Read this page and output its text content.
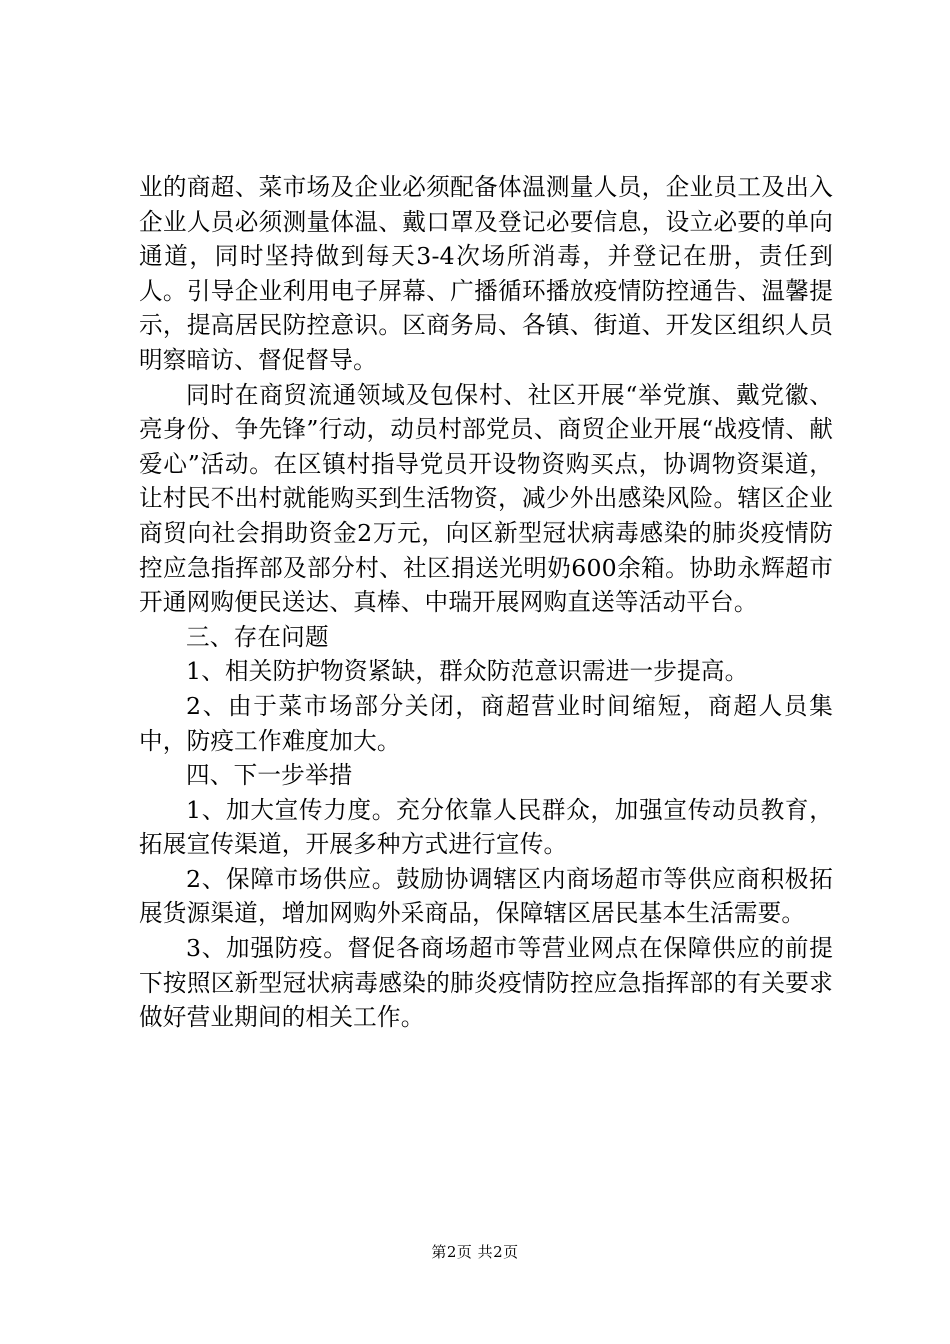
业的商超、菜市场及企业必须配备体温测量人员，企业员工及出入企业人员必须测量体温、戴口罩及登记必要信息，设立必要的单向通道，同时坚持做到每天3-4次场所消毒，并登记在册，责任到人。引导企业利用电子屏幕、广播循环播放疫情防控通告、温馨提示，提高居民防控意识。区商务局、各镇、街道、开发区组织人员明察暗访、督促督导。

同时在商贸流通领域及包保村、社区开展“举党旗、戴党徽、亮身份、争先锋”行动，动员村部党员、商贸企业开展“战疫情、献爱心”活动。在区镇村指导党员开设物资购买点，协调物资渠道，让村民不出村就能购买到生活物资，减少外出感染风险。辖区企业商贸向社会捐助资金2万元，向区新型冠状病毒感染的肺炎疫情防控应急指挥部及部分村、社区捐送光明奶600余箱。协助永辉超市开通网购便民送达、真棒、中瑞开展网购直送等活动平台。

三、存在问题

1、相关防护物资紧缺，群众防范意识需进一步提高。

2、由于菜市场部分关闭，商超营业时间缩短，商超人员集中，防疫工作难度加大。

四、下一步举措

1、加大宣传力度。充分依靠人民群众，加强宣传动员教育，拓展宣传渠道，开展多种方式进行宣传。

2、保障市场供应。鼓励协调辖区内商场超市等供应商积极拓展货源渠道，增加网购外采商品，保障辖区居民基本生活需要。

3、加强防疫。督促各商场超市等营业网点在保障供应的前提下按照区新型冠状病毒感染的肺炎疫情防控应急指挥部的有关要求做好营业期间的相关工作。

第2页 共2页
